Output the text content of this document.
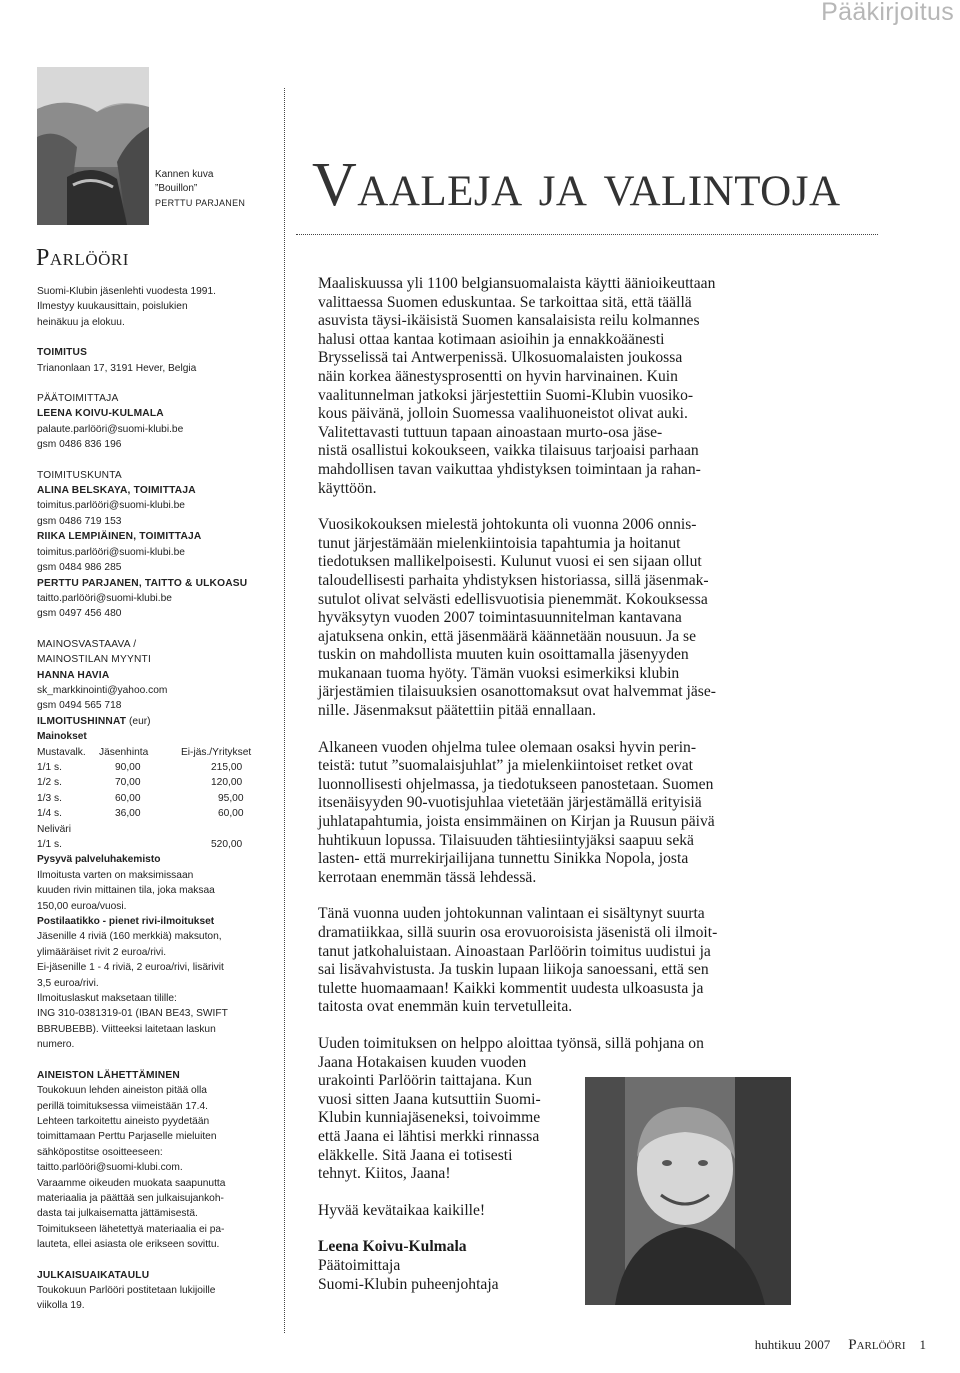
Pääkirjoitus
Kannen kuva
”Bouillon”
PERTTU PARJANEN
Parlööri
Suomi-Klubin jäsenlehti vuodesta 1991.
Ilmestyy kuukausittain, poislukien
heinäkuu ja elokuu.
TOIMITUS
Trianonlaan 17, 3191 Hever, Belgia
PÄÄTOIMITTAJA
LEENA KOIVU-KULMALA
palaute.parlööri@suomi-klubi.be
gsm 0486 836 196
TOIMITUSKUNTA
ALINA BELSKAYA, TOIMITTAJA
toimitus.parlööri@suomi-klubi.be
gsm 0486 719 153
RIIKA LEMPIÄINEN, TOIMITTAJA
toimitus.parlööri@suomi-klubi.be
gsm 0484 986 285
PERTTU PARJANEN, TAITTO & ULKOASU
taitto.parlööri@suomi-klubi.be
gsm 0497 456 480
MAINOSVASTAAVA /
MAINOSTILAN MYYNTI
HANNA HAVIA
sk_markkinointi@yahoo.com
gsm 0494 565 718
ILMOITUSHINNAT (eur)
Mainokset
Mustavalk.	Jäsenhinta	Ei-jäs./Yritykset
1/1 s.	90,00	215,00
1/2 s.	70,00	120,00
1/3 s.	60,00	95,00
1/4 s.	36,00	60,00
Neliväri		
1/1 s.		520,00
Pysyvä palveluhakemisto
Ilmoitusta varten on maksimissaan
kuuden rivin mittainen tila, joka maksaa
150,00 euroa/vuosi.
Postilaatikko - pienet rivi-ilmoitukset
Jäsenille 4 riviä (160 merkkiä) maksuton,
ylimääräiset rivit 2 euroa/rivi.
Ei-jäsenille 1 - 4 riviä, 2 euroa/rivi, lisärivit
3,5 euroa/rivi.
Ilmoituslaskut maksetaan tilille:
ING 310-0381319-01 (IBAN BE43, SWIFT
BBRUBEBB). Viitteeksi laitetaan laskun
numero.
AINEISTON LÄHETTÄMINEN
Toukokuun lehden aineiston pitää olla
perillä toimituksessa viimeistään 17.4.
Lehteen tarkoitettu aineisto pyydetään
toimittamaan Perttu Parjaselle mieluiten
sähköpostitse osoitteeseen:
taitto.parlööri@suomi-klubi.com.
Varaamme oikeuden muokata saapunutta
materiaalia ja päättää sen julkaisujankoh-
dasta tai julkaisematta jättämisestä.
Toimitukseen lähetettyä materiaalia ei pa-
lauteta, ellei asiasta ole erikseen sovittu.
JULKAISUAIKATAULU
Toukokuun Parlööri postitetaan lukijoille
viikolla 19.
Vaaleja ja valintoja

Maaliskuussa yli 1100 belgiansuomalaista käytti äänioikeuttaan
valittaessa Suomen eduskuntaa. Se tarkoittaa sitä, että täällä
asuvista täysi-ikäisistä Suomen kansalaisista reilu kolmannes
halusi ottaa kantaa kotimaan asioihin ja ennakkoäänesti
Brysselissä tai Antwerpenissä. Ulkosuomalaisten joukossa
näin korkea äänestysprosentti on hyvin harvinainen. Kuin
vaalitunnelman jatkoksi järjestettiin Suomi-Klubin vuosiko-
kous päivänä, jolloin Suomessa vaalihuoneistot olivat auki.
Valitettavasti tuttuun tapaan ainoastaan murto-osa jäse-
nistä osallistui kokoukseen, vaikka tilaisuus tarjoaisi parhaan
mahdollisen tavan vaikuttaa yhdistyksen toimintaan ja rahan-
käyttöön.

Vuosikokouksen mielestä johtokunta oli vuonna 2006 onnis-
tunut järjestämään mielenkiintoisia tapahtumia ja hoitanut
tiedotuksen mallikelpoisesti. Kulunut vuosi ei sen sijaan ollut
taloudellisesti parhaita yhdistyksen historiassa, sillä jäsenmak-
sutulot olivat selvästi edellisvuotisia pienemmät. Kokouksessa
hyväksytyn vuoden 2007 toimintasuunnitelman kantavana
ajatuksena onkin, että jäsenmäärä käännetään nousuun. Ja se
tuskin on mahdollista muuten kuin osoittamalla jäsenyyden
mukanaan tuoma hyöty. Tämän vuoksi esimerkiksi klubin
järjestämien tilaisuuksien osanottomaksut ovat halvemmat jäse-
nille. Jäsenmaksut päätettiin pitää ennallaan.

Alkaneen vuoden ohjelma tulee olemaan osaksi hyvin perin-
teistä: tutut ”suomalaisjuhlat” ja mielenkiintoiset retket ovat
luonnollisesti ohjelmassa, ja tiedotukseen panostetaan. Suomen
itsenäisyyden 90-vuotisjuhlaa vietetään järjestämällä erityisiä
juhlatapahtumia, joista ensimmäinen on Kirjan ja Ruusun päivä
huhtikuun lopussa. Tilaisuuden tähtiesiintyjäksi saapuu sekä
lasten- että murrekirjailijana tunnettu Sinikka Nopola, josta
kerrotaan enemmän tässä lehdessä.

Tänä vuonna uuden johtokunnan valintaan ei sisältynyt suurta
dramatiikkaa, sillä suurin osa erovuoroisista jäsenistä oli ilmoit-
tanut jatkohaluistaan. Ainoastaan Parlöörin toimitus uudistui ja
sai lisävahvistusta. Ja tuskin lupaan liikoja sanoessani, että sen
tulette huomaamaan! Kaikki kommentit uudesta ulkoasusta ja
taitosta ovat enemmän kuin tervetulleita.

Uuden toimituksen on helppo aloittaa työnsä, sillä pohjana on
Jaana Hotakaisen kuuden vuoden
urakointi Parlöörin taittajana. Kun
vuosi sitten Jaana kutsuttiin Suomi-
Klubin kunniajäseneksi, toivoimme
että Jaana ei lähtisi merkki rinnassa
eläkkelle. Sitä Jaana ei totisesti
tehnyt. Kiitos, Jaana!

Hyvää kevätaikaa kaikille!

Leena Koivu-Kulmala
Päätoimittaja
Suomi-Klubin puheenjohtaja

huhtikuu 2007 Parlööri 1
